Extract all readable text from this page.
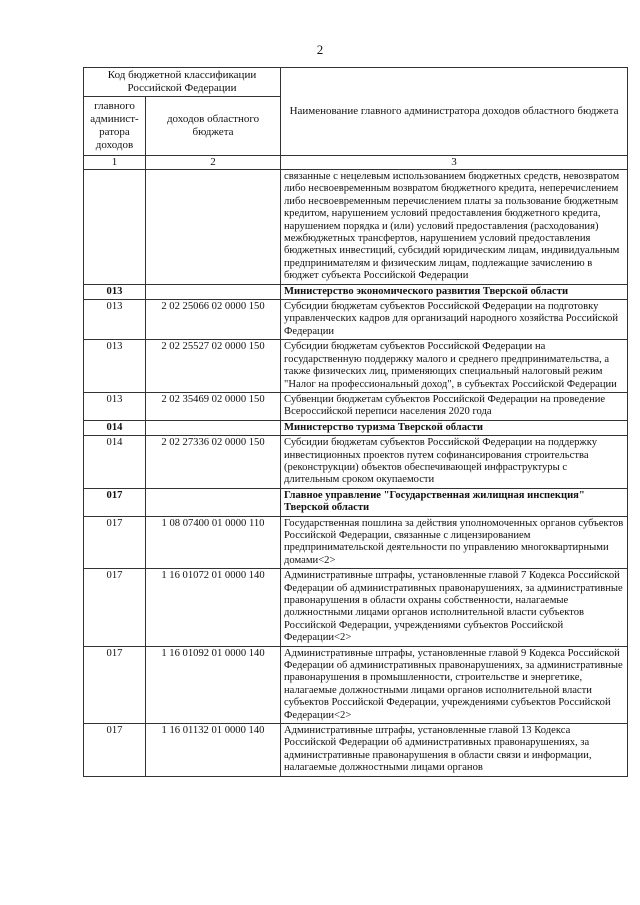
2
Код бюджетной классификации Российской Федерации		Наименование главного администратора доходов областного бюджета
главного админист-ратора доходов	доходов областного бюджета	
1	2	3
		связанные с нецелевым использованием бюджетных средств, невозвратом либо несвоевременным возвратом бюджетного кредита, неперечислением либо несвоевременным перечислением платы за пользование бюджетным кредитом, нарушением условий предоставления бюджетного кредита, нарушением порядка и (или) условий предоставления (расходования) межбюджетных трансфертов, нарушением условий предоставления бюджетных инвестиций, субсидий юридическим лицам, индивидуальным предпринимателям и физическим лицам, подлежащие зачислению в бюджет субъекта Российской Федерации
013		Министерство экономического развития Тверской области
013	2 02 25066 02 0000 150	Субсидии бюджетам субъектов Российской Федерации на подготовку управленческих кадров для организаций народного хозяйства Российской Федерации
013	2 02 25527 02 0000 150	Субсидии бюджетам субъектов Российской Федерации на государственную поддержку малого и среднего предпринимательства, а также физических лиц, применяющих специальный налоговый режим "Налог на профессиональный доход", в субъектах Российской Федерации
013	2 02 35469 02 0000 150	Субвенции бюджетам субъектов Российской Федерации на проведение Всероссийской переписи населения 2020 года
014		Министерство туризма Тверской области
014	2 02 27336 02 0000 150	Субсидии бюджетам субъектов Российской Федерации на поддержку инвестиционных проектов путем софинансирования строительства (реконструкции) объектов обеспечивающей инфраструктуры с длительным сроком окупаемости
017		Главное управление "Государственная жилищная инспекция" Тверской области
017	1 08 07400 01 0000 110	Государственная пошлина за действия уполномоченных органов субъектов Российской Федерации, связанные с лицензированием предпринимательской деятельности по управлению многоквартирными домами<2>
017	1 16 01072 01 0000 140	Административные штрафы, установленные главой 7 Кодекса Российской Федерации об административных правонарушениях, за административные правонарушения в области охраны собственности, налагаемые должностными лицами органов исполнительной власти субъектов Российской Федерации, учреждениями субъектов Российской Федерации<2>
017	1 16 01092 01 0000 140	Административные штрафы, установленные главой 9 Кодекса Российской Федерации об административных правонарушениях, за административные правонарушения в промышленности, строительстве и энергетике, налагаемые должностными лицами органов исполнительной власти субъектов Российской Федерации, учреждениями субъектов Российской Федерации<2>
017	1 16 01132 01 0000 140	Административные штрафы, установленные главой 13 Кодекса Российской Федерации об административных правонарушениях, за административные правонарушения в области связи и информации, налагаемые должностными лицами органов
